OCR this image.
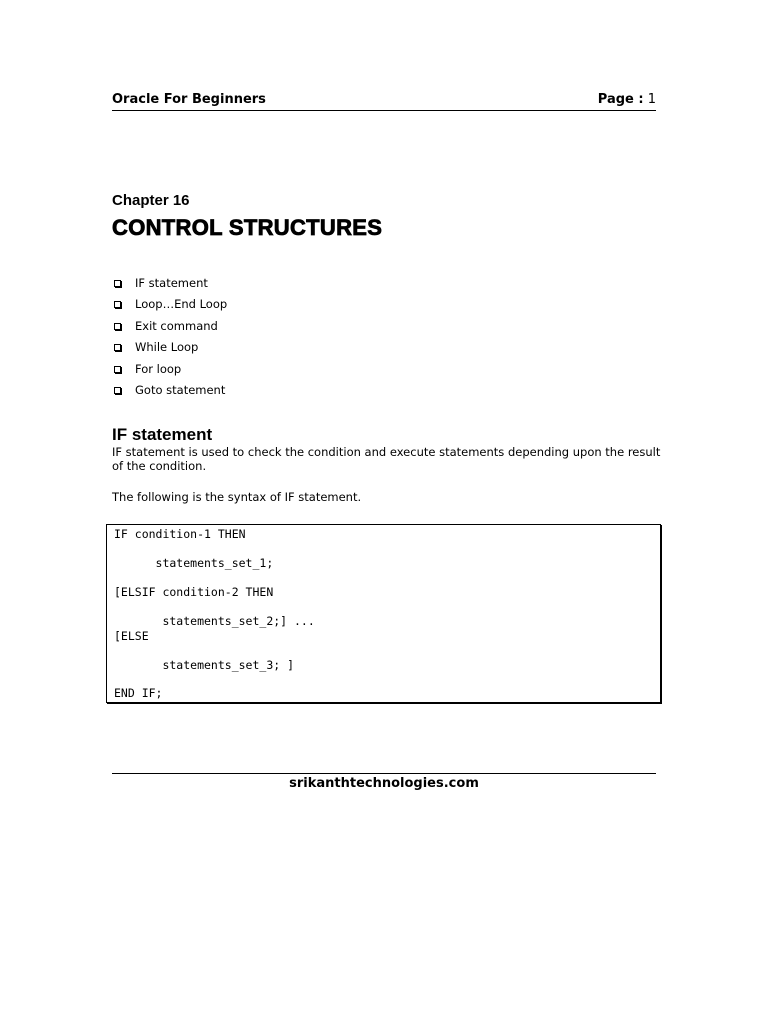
Oracle For Beginners	Page : 1
Chapter 16
CONTROL STRUCTURES
IF statement
Loop…End Loop
Exit command
While Loop
For loop
Goto statement
IF statement
IF statement is used to check the condition and execute statements depending upon the result
of the condition.
The following is the syntax of IF statement.
IF condition-1 THEN
statements_set_1;
[ELSIF condition-2 THEN
statements_set_2;] ...
[ELSE
statements_set_3; ]
END IF;
srikanthtechnologies.com
